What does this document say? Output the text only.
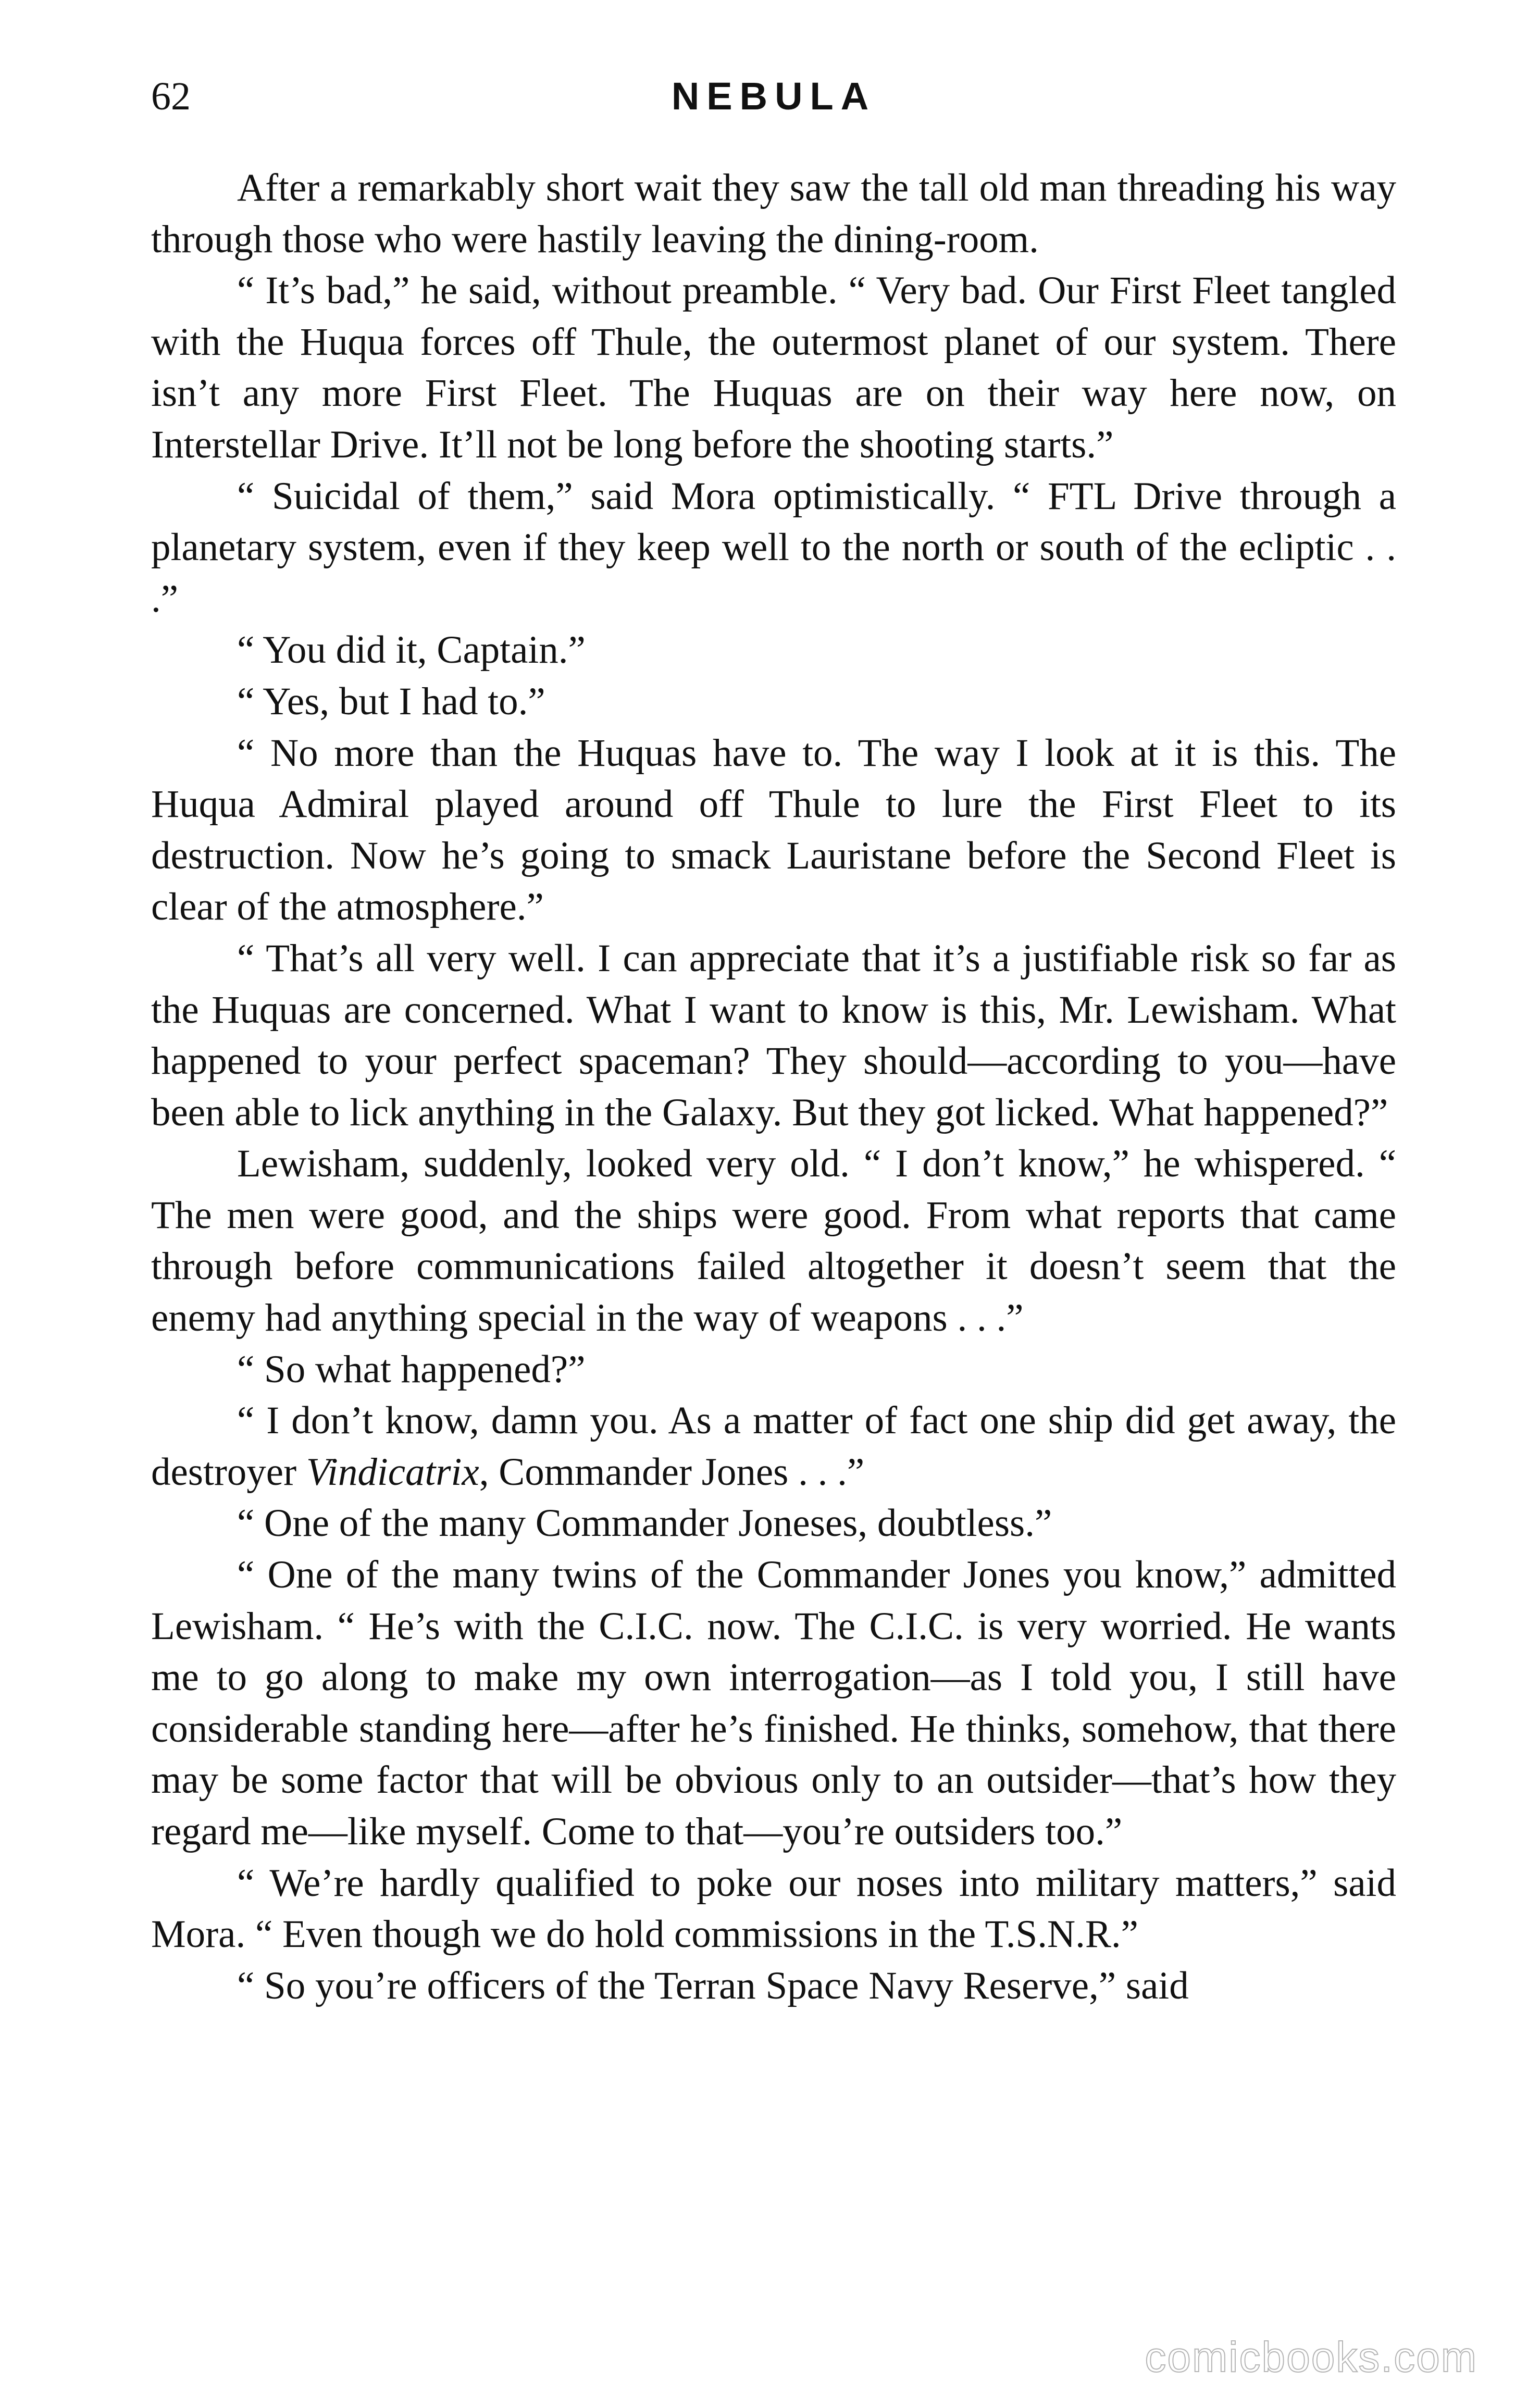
62	NEBULA

After a remarkably short wait they saw the tall old man threading his way through those who were hastily leaving the dining-room.

“ It’s bad,” he said, without preamble. “ Very bad. Our First Fleet tangled with the Huqua forces off Thule, the outermost planet of our system. There isn’t any more First Fleet. The Huquas are on their way here now, on Interstellar Drive. It’ll not be long before the shooting starts.”

“ Suicidal of them,” said Mora optimistically. “ FTL Drive through a planetary system, even if they keep well to the north or south of the ecliptic . . .”

“ You did it, Captain.”

“ Yes, but I had to.”

“ No more than the Huquas have to. The way I look at it is this. The Huqua Admiral played around off Thule to lure the First Fleet to its destruction. Now he’s going to smack Lauristane before the Second Fleet is clear of the atmosphere.”

“ That’s all very well. I can appreciate that it’s a justifiable risk so far as the Huquas are concerned. What I want to know is this, Mr. Lewisham. What happened to your perfect spaceman? They should—according to you—have been able to lick anything in the Galaxy. But they got licked. What happened?”

Lewisham, suddenly, looked very old. “ I don’t know,” he whispered. “ The men were good, and the ships were good. From what reports that came through before communications failed altogether it doesn’t seem that the enemy had anything special in the way of weapons . . .”

“ So what happened?”

“ I don’t know, damn you. As a matter of fact one ship did get away, the destroyer Vindicatrix, Commander Jones . . .”

“ One of the many Commander Joneses, doubtless.”

“ One of the many twins of the Commander Jones you know,” admitted Lewisham. “ He’s with the C.I.C. now. The C.I.C. is very worried. He wants me to go along to make my own interrogation—as I told you, I still have considerable standing here—after he’s finished. He thinks, somehow, that there may be some factor that will be obvious only to an outsider—that’s how they regard me—like myself. Come to that—you’re outsiders too.”

“ We’re hardly qualified to poke our noses into military matters,” said Mora. “ Even though we do hold commissions in the T.S.N.R.”

“ So you’re officers of the Terran Space Navy Reserve,” said

comicbooks.com
